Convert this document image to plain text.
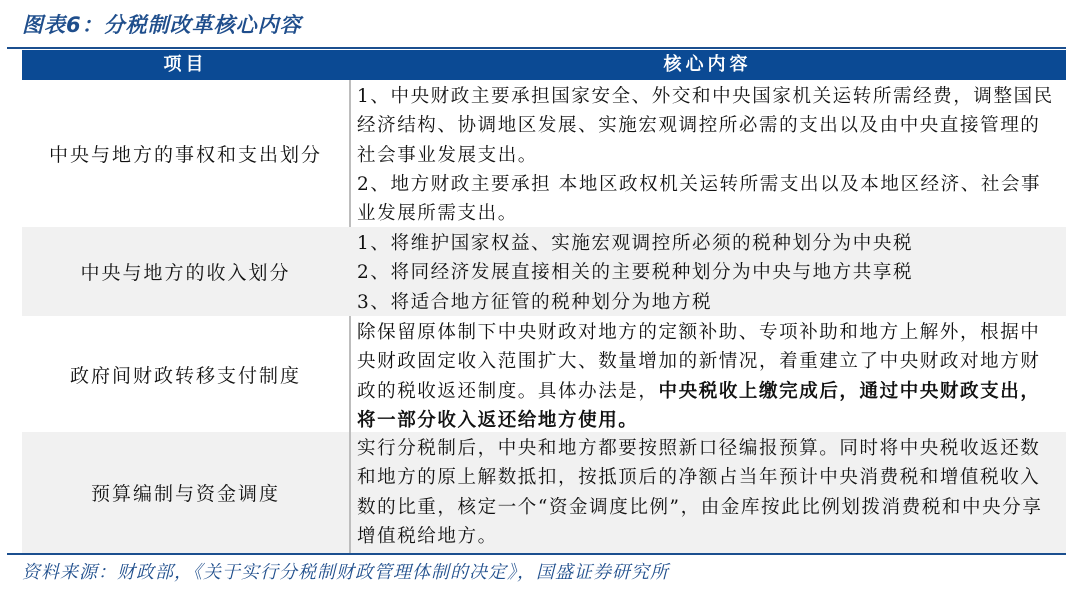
图表6：分税制改革核心内容
项目	核心内容
中央与地方的事权和支出划分

1、中央财政主要承担国家安全、外交和中央国家机关运转所需经费，调整国民经济结构、协调地区发展、实施宏观调控所必需的支出以及由中央直接管理的社会事业发展支出。

2、地方财政主要承担 本地区政权机关运转所需支出以及本地区经济、社会事业发展所需支出。

中央与地方的收入划分

1、将维护国家权益、实施宏观调控所必须的税种划分为中央税

2、将同经济发展直接相关的主要税种划分为中央与地方共享税

3、将适合地方征管的税种划分为地方税

政府间财政转移支付制度

除保留原体制下中央财政对地方的定额补助、专项补助和地方上解外，根据中央财政固定收入范围扩大、数量增加的新情况，着重建立了中央财政对地方财政的税收返还制度。具体办法是，中央税收上缴完成后，通过中央财政支出，将一部分收入返还给地方使用。

预算编制与资金调度

实行分税制后，中央和地方都要按照新口径编报预算。同时将中央税收返还数和地方的原上解数抵扣，按抵顶后的净额占当年预计中央消费税和增值税收入数的比重，核定一个“资金调度比例”，由金库按此比例划拨消费税和中央分享增值税给地方。

资料来源：财政部，《关于实行分税制财政管理体制的决定》，国盛证券研究所
